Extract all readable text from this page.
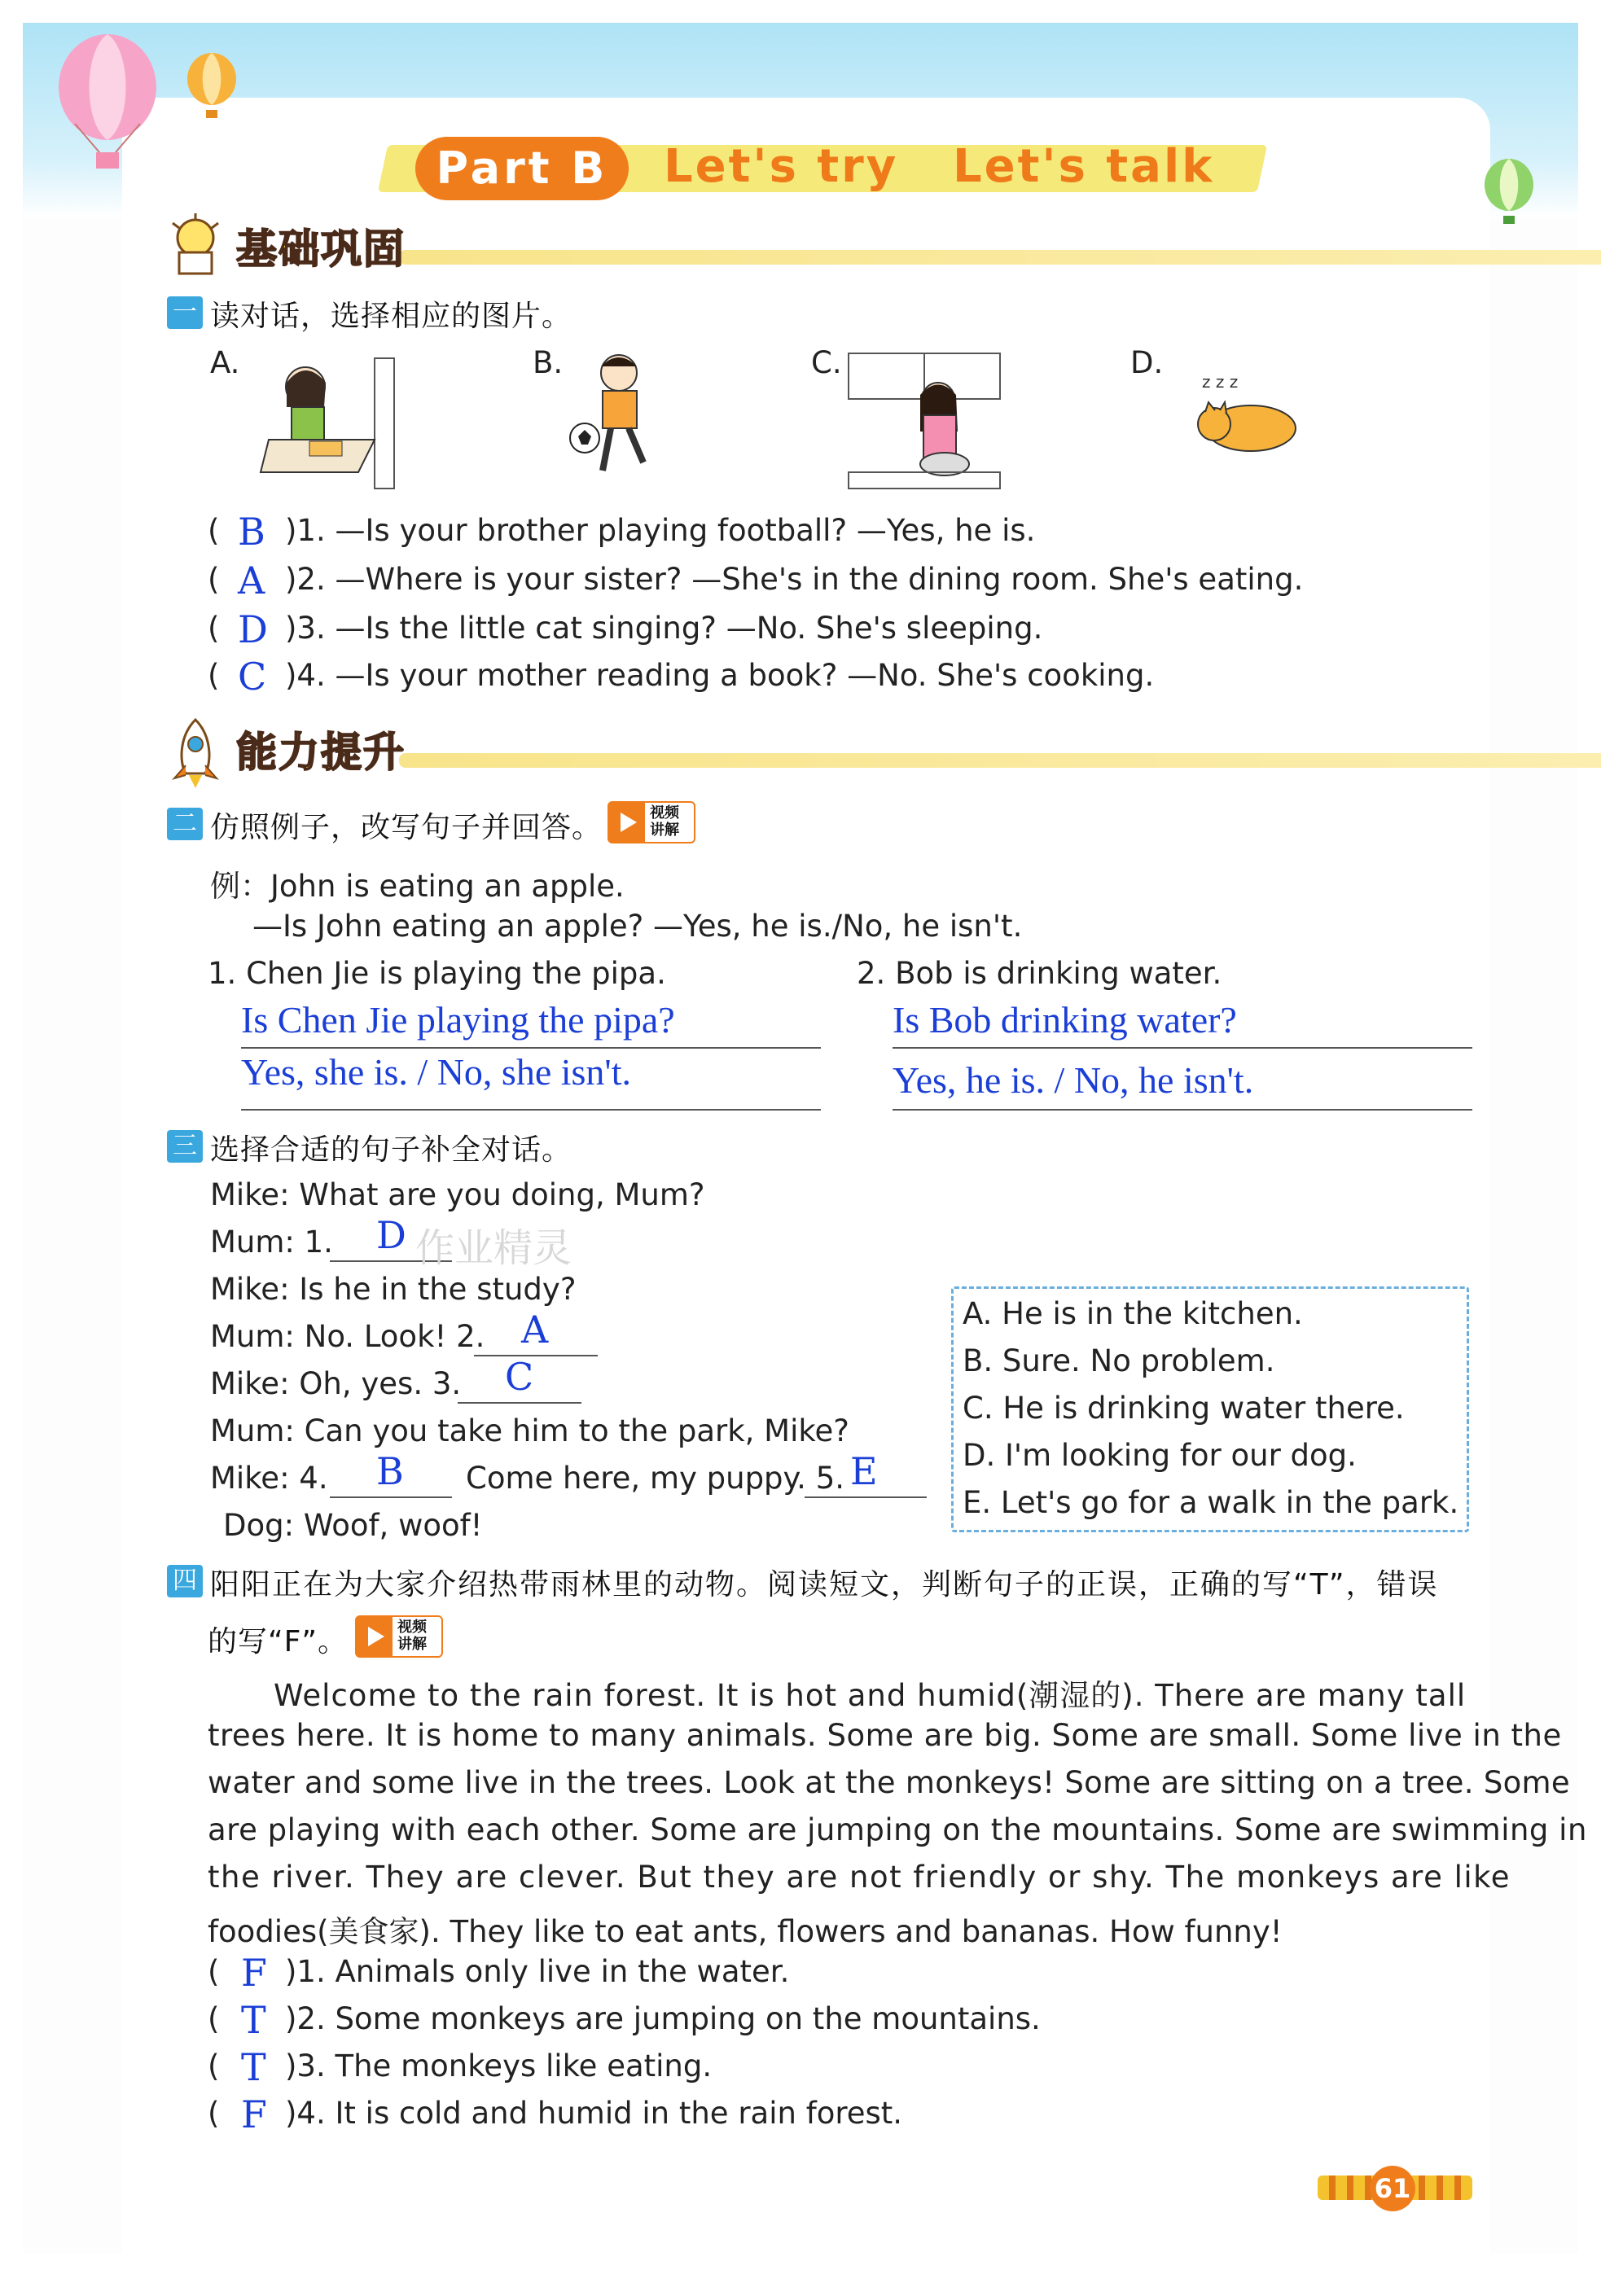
Part B	Let's try Let's talk
基础巩固
一 读对话，选择相应的图片。
A.	B.	C.	D.
z z z
( B )1. —Is your brother playing football? —Yes, he is.
( A )2. —Where is your sister? —She's in the dining room. She's eating.
( D )3. —Is the little cat singing? —No. She's sleeping.
( C )4. —Is your mother reading a book? —No. She's cooking.
能力提升
二 仿照例子，改写句子并回答。	视频讲解
例：John is eating an apple.
—Is John eating an apple? —Yes, he is./No, he isn't.
1. Chen Jie is playing the pipa.	2. Bob is drinking water.
Is Chen Jie playing the pipa?
Yes, she is. / No, she isn't.
Is Bob drinking water?
Yes, he is. / No, he isn't.
三 选择合适的句子补全对话。
Mike: What are you doing, Mum?
Mum: 1. D 作业精灵
Mike: Is he in the study?
Mum: No. Look! 2. A
Mike: Oh, yes. 3. C
Mum: Can you take him to the park, Mike?
Mike: 4. B Come here, my puppy. 5. E
Dog: Woof, woof!
A. He is in the kitchen.
B. Sure. No problem.
C. He is drinking water there.
D. I'm looking for our dog.
E. Let's go for a walk in the park.
四 阳阳正在为大家介绍热带雨林里的动物。阅读短文，判断句子的正误，正确的写“T”，错误
的写“F”。	视频讲解
Welcome to the rain forest. It is hot and humid(潮湿的). There are many tall
trees here. It is home to many animals. Some are big. Some are small. Some live in the
water and some live in the trees. Look at the monkeys! Some are sitting on a tree. Some
are playing with each other. Some are jumping on the mountains. Some are swimming in
the river. They are clever. But they are not friendly or shy. The monkeys are like
foodies(美食家). They like to eat ants, flowers and bananas. How funny!
( F )1. Animals only live in the water.
( T )2. Some monkeys are jumping on the mountains.
( T )3. The monkeys like eating.
( F )4. It is cold and humid in the rain forest.
61
